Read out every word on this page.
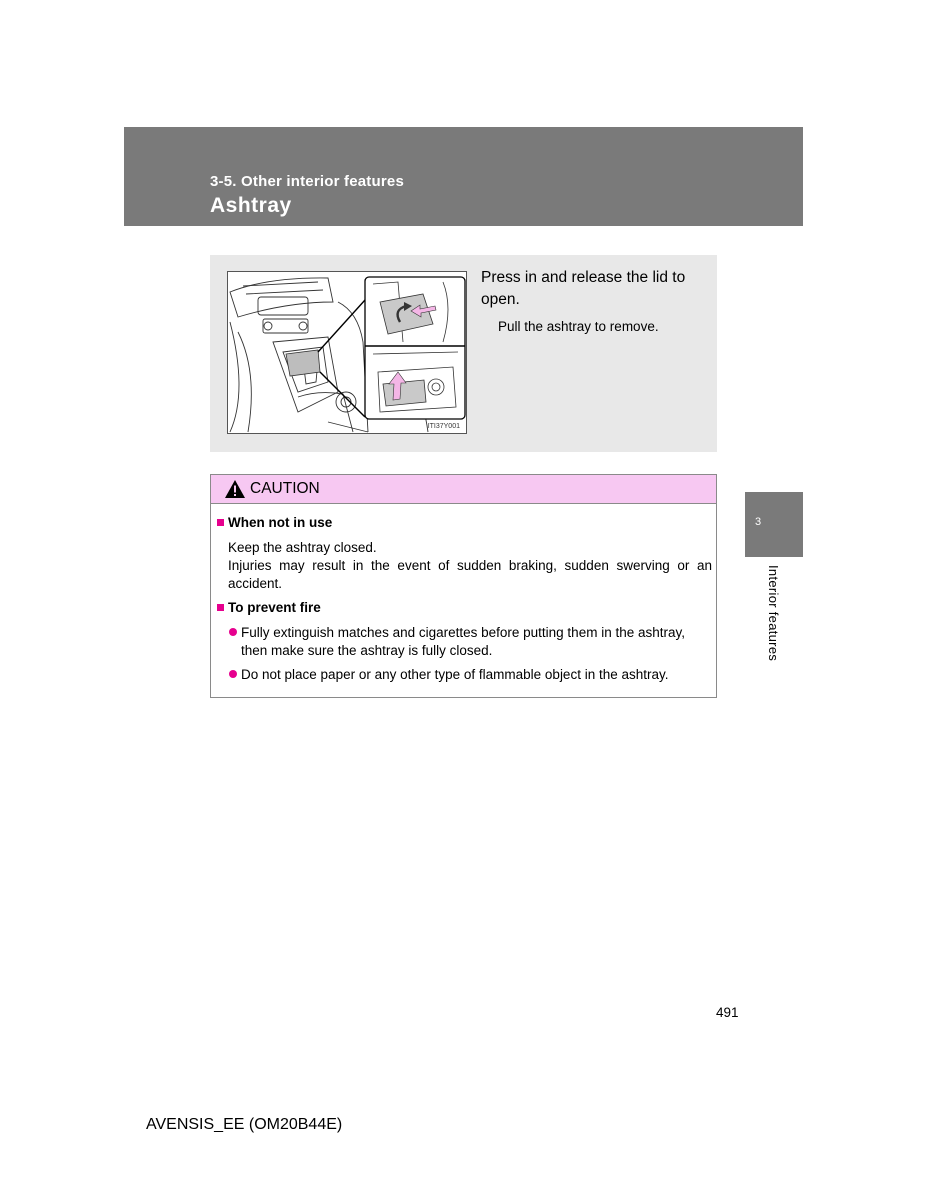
3-5. Other interior features
Ashtray
ITI37Y001
Press in and release the lid to open.
Pull the ashtray to remove.
CAUTION
When not in use
Keep the ashtray closed.
Injuries may result in the event of sudden braking, sudden swerving or an accident.
To prevent fire
Fully extinguish matches and cigarettes before putting them in the ashtray, then make sure the ashtray is fully closed.
Do not place paper or any other type of flammable object in the ashtray.
3
Interior features
491
AVENSIS_EE (OM20B44E)
